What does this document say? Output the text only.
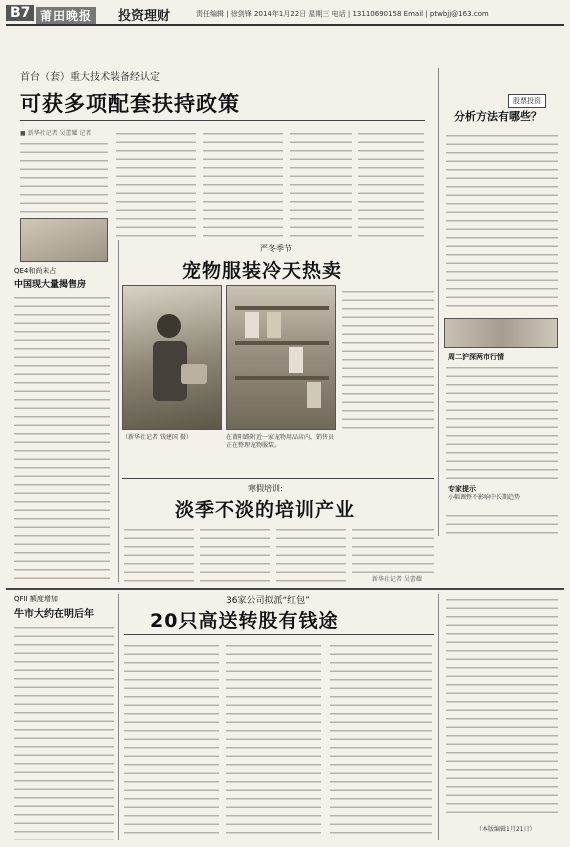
B7 莆田晚报	投资理财	责任编辑 | 徐剑锋 2014年1月22日 星期三 电话 | 13110690158 Email | ptwbjj@163.com
首台（套）重大技术装备经认定
可获多项配套扶持政策
■ 新华社记者 吴蕾耀 记者
QE4和尚未占
中国现大量揭售房
股票投资
分析方法有哪些？
周二沪深两市行情
专家提示
小幅调整不影响中长期趋势
严冬季节
宠物服装冷天热卖
（新华社记者 钱建国 摄）	在莆阳路附近一家宠物用品店内，销售员正在整理宠物服装。
寒假培训:
淡季不淡的培训产业
新华社记者 吴蕾耀
QFII 额度增加
牛市大约在明后年
36家公司拟派“红包”
20只高送转股有钱途
（本版编辑1月21日）
